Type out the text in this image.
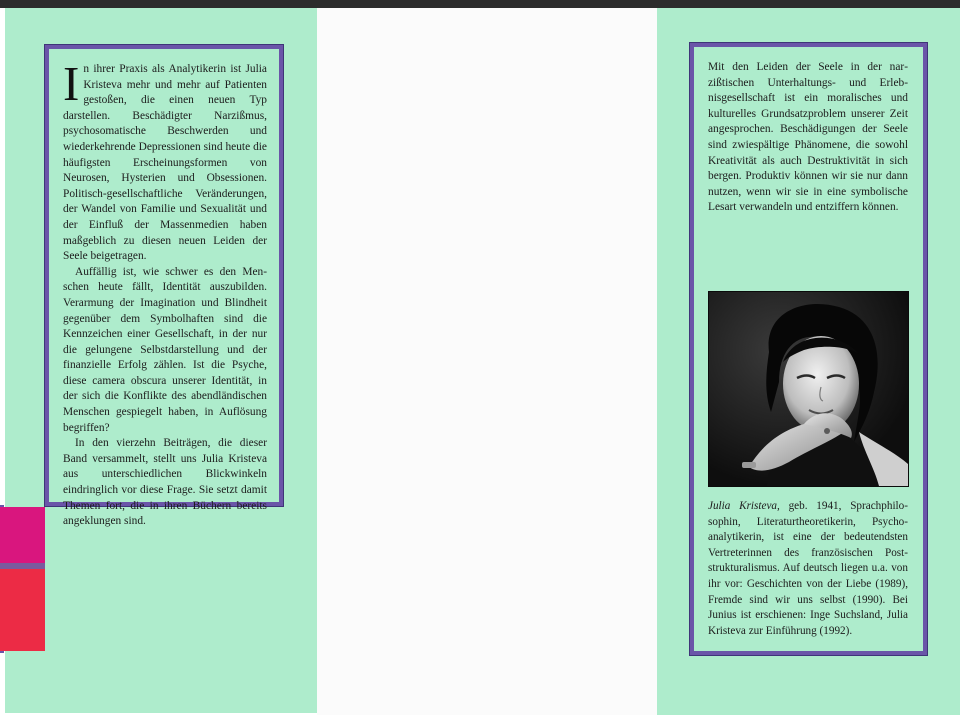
In ihrer Praxis als Analytikerin ist Julia Kristeva mehr und mehr auf Patienten gestoßen, die einen neuen Typ darstellen. Beschädigter Narzißmus, psychosomatische Beschwerden und wiederkehrende Depressionen sind heute die häufigsten Erscheinungsformen von Neurosen, Hysterien und Obsessionen. Politisch-gesellschaftliche Veränderungen, der Wandel von Familie und Sexualität und der Einfluß der Massenmedien haben maßgeblich zu diesen neuen Leiden der Seele beigetragen.

Auffällig ist, wie schwer es den Menschen heute fällt, Identität auszubilden. Verarmung der Imagination und Blindheit gegenüber dem Symbolhaften sind die Kennzeichen einer Gesellschaft, in der nur die gelungene Selbstdarstellung und der finanzielle Erfolg zählen. Ist die Psyche, diese camera obscura unserer Identität, in der sich die Konflikte des abendländischen Menschen gespiegelt haben, in Auflösung begriffen?

In den vierzehn Beiträgen, die dieser Band versammelt, stellt uns Julia Kristeva aus unterschiedlichen Blickwinkeln eindringlich vor diese Frage. Sie setzt damit Themen fort, die in ihren Büchern bereits angeklungen sind.

Mit den Leiden der Seele in der narzißtischen Unterhaltungs- und Erlebnisgesellschaft ist ein moralisches und kulturelles Grundsatzproblem unserer Zeit angesprochen. Beschädigungen der Seele sind zwiespältige Phänomene, die sowohl Kreativität als auch Destruktivität in sich bergen. Produktiv können wir sie nur dann nutzen, wenn wir sie in eine symbolische Lesart verwandeln und entziffern können.

Julia Kristeva, geb. 1941, Sprachphilosophin, Literaturtheoretikerin, Psychoanalytikerin, ist eine der bedeutendsten Vertreterinnen des französischen Poststrukturalismus. Auf deutsch liegen u.a. von ihr vor: Geschichten von der Liebe (1989), Fremde sind wir uns selbst (1990). Bei Junius ist erschienen: Inge Suchsland, Julia Kristeva zur Einführung (1992).
